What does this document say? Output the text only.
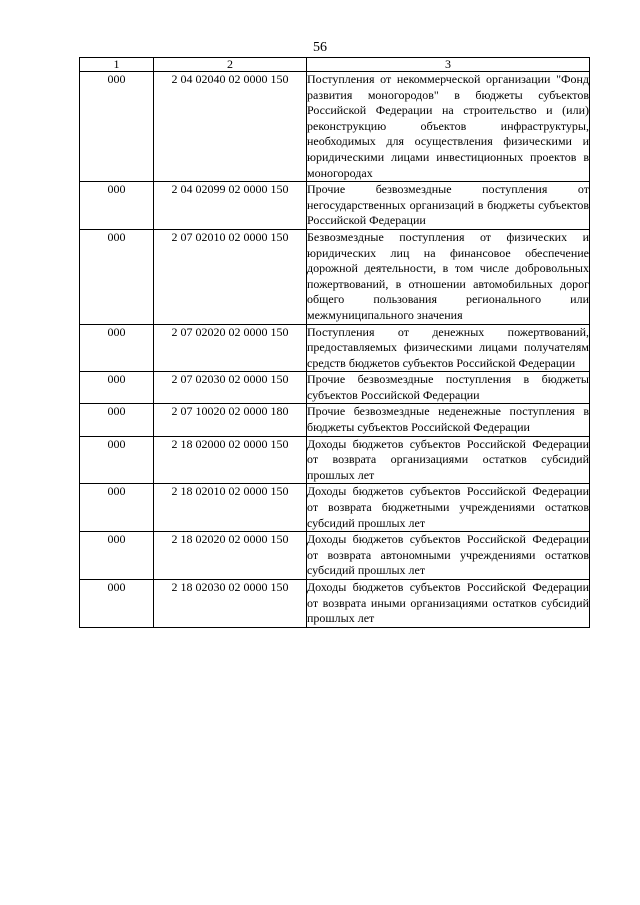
56
1	2	3
000	2 04 02040 02 0000 150	Поступления от некоммерческой организации "Фонд развития моногородов" в бюджеты субъектов Российской Федерации на строительство и (или) реконструкцию объектов инфраструктуры, необходимых для осуществления физическими и юридическими лицами инвестиционных проектов в моногородах
000	2 04 02099 02 0000 150	Прочие безвозмездные поступления от негосударственных организаций в бюджеты субъектов Российской Федерации
000	2 07 02010 02 0000 150	Безвозмездные поступления от физических и юридических лиц на финансовое обеспечение дорожной деятельности, в том числе добровольных пожертвований, в отношении автомобильных дорог общего пользования регионального или межмуниципального значения
000	2 07 02020 02 0000 150	Поступления от денежных пожертвований, предоставляемых физическими лицами получателям средств бюджетов субъектов Российской Федерации
000	2 07 02030 02 0000 150	Прочие безвозмездные поступления в бюджеты субъектов Российской Федерации
000	2 07 10020 02 0000 180	Прочие безвозмездные неденежные поступления в бюджеты субъектов Российской Федерации
000	2 18 02000 02 0000 150	Доходы бюджетов субъектов Российской Федерации от возврата организациями остатков субсидий прошлых лет
000	2 18 02010 02 0000 150	Доходы бюджетов субъектов Российской Федерации от возврата бюджетными учреждениями остатков субсидий прошлых лет
000	2 18 02020 02 0000 150	Доходы бюджетов субъектов Российской Федерации от возврата автономными учреждениями остатков субсидий прошлых лет
000	2 18 02030 02 0000 150	Доходы бюджетов субъектов Российской Федерации от возврата иными организациями остатков субсидий прошлых лет
